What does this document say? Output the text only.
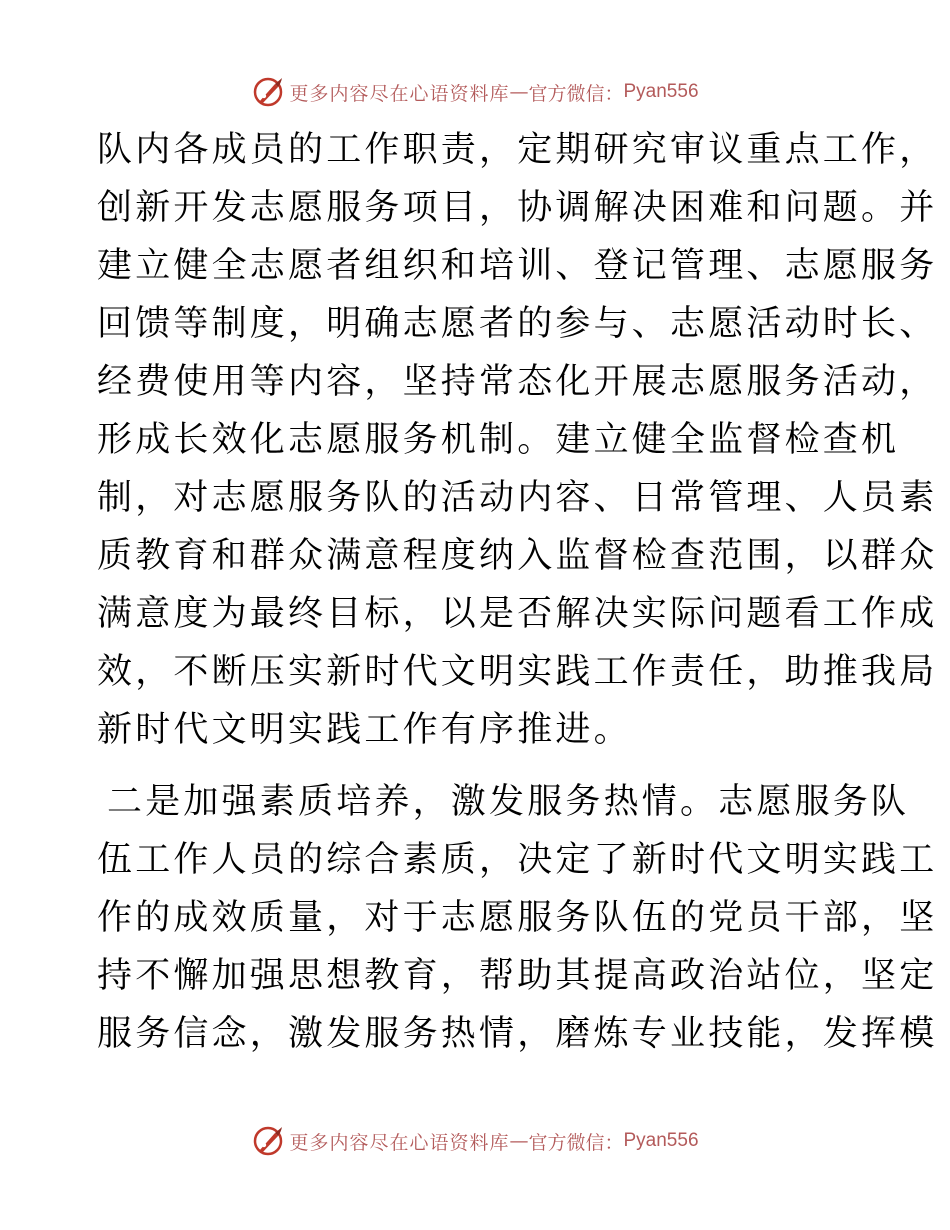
更多内容尽在心语资料库 — 官方微信： Pyan556
队内各成员的工作职责，定期研究审议重点工作，
创新开发志愿服务项目，协调解决困难和问题。并
建立健全志愿者组织和培训、登记管理、志愿服务
回馈等制度，明确志愿者的参与、志愿活动时长、
经费使用等内容，坚持常态化开展志愿服务活动，
形成长效化志愿服务机制。建立健全监督检查机
制，对志愿服务队的活动内容、日常管理、人员素
质教育和群众满意程度纳入监督检查范围，以群众
满意度为最终目标，以是否解决实际问题看工作成
效，不断压实新时代文明实践工作责任，助推我局
新时代文明实践工作有序推进。
二是加强素质培养，激发服务热情。志愿服务队
伍工作人员的综合素质，决定了新时代文明实践工
作的成效质量，对于志愿服务队伍的党员干部，坚
持不懈加强思想教育，帮助其提高政治站位，坚定
服务信念，激发服务热情，磨炼专业技能，发挥模
更多内容尽在心语资料库 — 官方微信： Pyan556
